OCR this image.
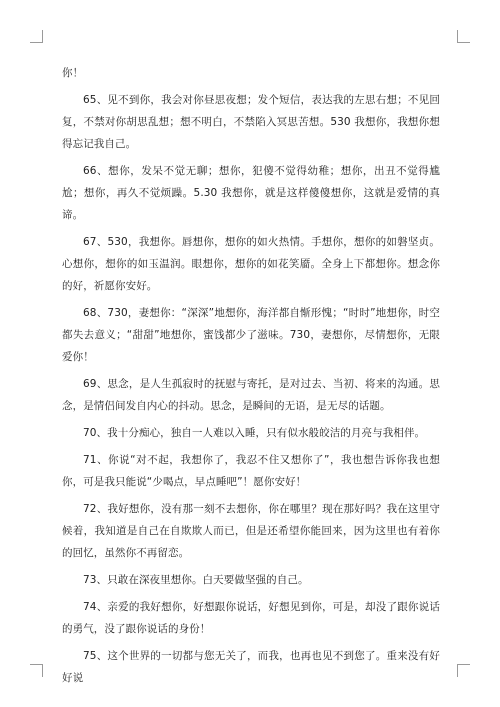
你！

65、见不到你，我会对你昼思夜想；发个短信，表达我的左思右想；不见回复，不禁对你胡思乱想；想不明白，不禁陷入冥思苦想。530 我想你，我想你想得忘记我自己。

66、想你，发呆不觉无聊；想你，犯傻不觉得幼稚；想你，出丑不觉得尴尬；想你，再久不觉烦躁。5.30 我想你，就是这样傻傻想你，这就是爱情的真谛。

67、530，我想你。唇想你，想你的如火热情。手想你，想你的如磐坚贞。心想你，想你的如玉温润。眼想你，想你的如花笑靥。全身上下都想你。想念你的好，祈愿你安好。

68、730，妻想你：“深深”地想你，海洋都自惭形愧；“时时”地想你，时空都失去意义；“甜甜”地想你，蜜饯都少了滋味。730，妻想你，尽情想你，无限爱你！

69、思念，是人生孤寂时的抚慰与寄托，是对过去、当初、将来的沟通。思念，是情侣间发自内心的抖动。思念，是瞬间的无语，是无尽的话题。

70、我十分痴心，独自一人难以入睡，只有似水般皎洁的月亮与我相伴。

71、你说“对不起，我想你了，我忍不住又想你了”，我也想告诉你我也想你，可是我只能说“少喝点，早点睡吧”！愿你安好！

72、我好想你，没有那一刻不去想你，你在哪里？现在那好吗？我在这里守候着，我知道是自己在自欺欺人而已，但是还希望你能回来，因为这里也有着你的回忆，虽然你不再留恋。

73、只敢在深夜里想你。白天要做坚强的自己。

74、亲爱的我好想你，好想跟你说话，好想见到你，可是，却没了跟你说话的勇气，没了跟你说话的身份！

75、这个世界的一切都与您无关了，而我，也再也见不到您了。重来没有好好说
